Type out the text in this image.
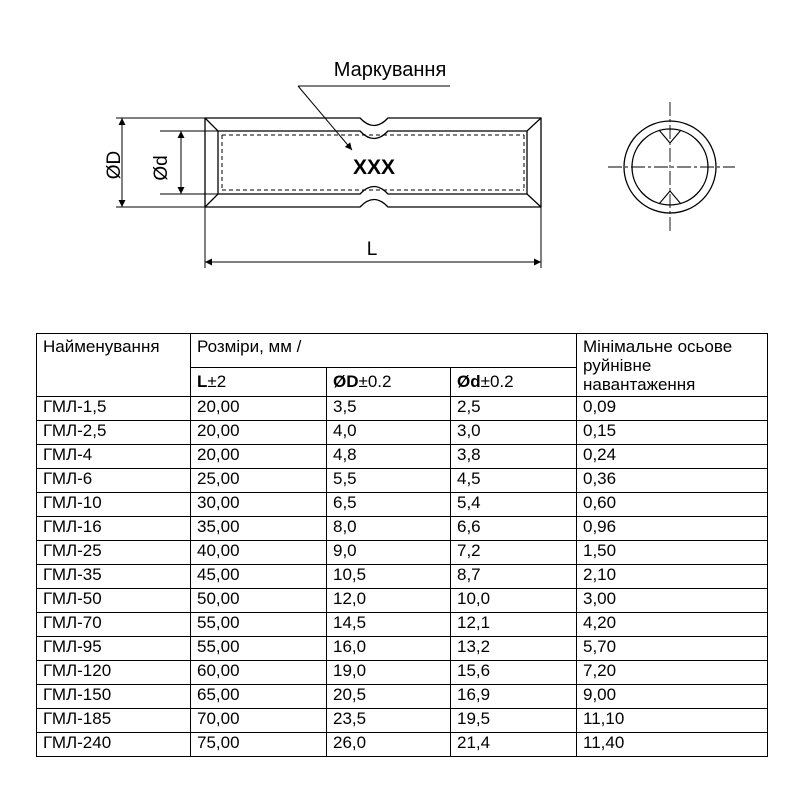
Маркування
XXX
ØD Ød
L
Найменування	Розміри, мм /			Мінімальне осьове руйнівне навантаження
	L±2	ØD±0.2	Ød±0.2	
ГМЛ-1,5	20,00	3,5	2,5	0,09
ГМЛ-2,5	20,00	4,0	3,0	0,15
ГМЛ-4	20,00	4,8	3,8	0,24
ГМЛ-6	25,00	5,5	4,5	0,36
ГМЛ-10	30,00	6,5	5,4	0,60
ГМЛ-16	35,00	8,0	6,6	0,96
ГМЛ-25	40,00	9,0	7,2	1,50
ГМЛ-35	45,00	10,5	8,7	2,10
ГМЛ-50	50,00	12,0	10,0	3,00
ГМЛ-70	55,00	14,5	12,1	4,20
ГМЛ-95	55,00	16,0	13,2	5,70
ГМЛ-120	60,00	19,0	15,6	7,20
ГМЛ-150	65,00	20,5	16,9	9,00
ГМЛ-185	70,00	23,5	19,5	11,10
ГМЛ-240	75,00	26,0	21,4	11,40
